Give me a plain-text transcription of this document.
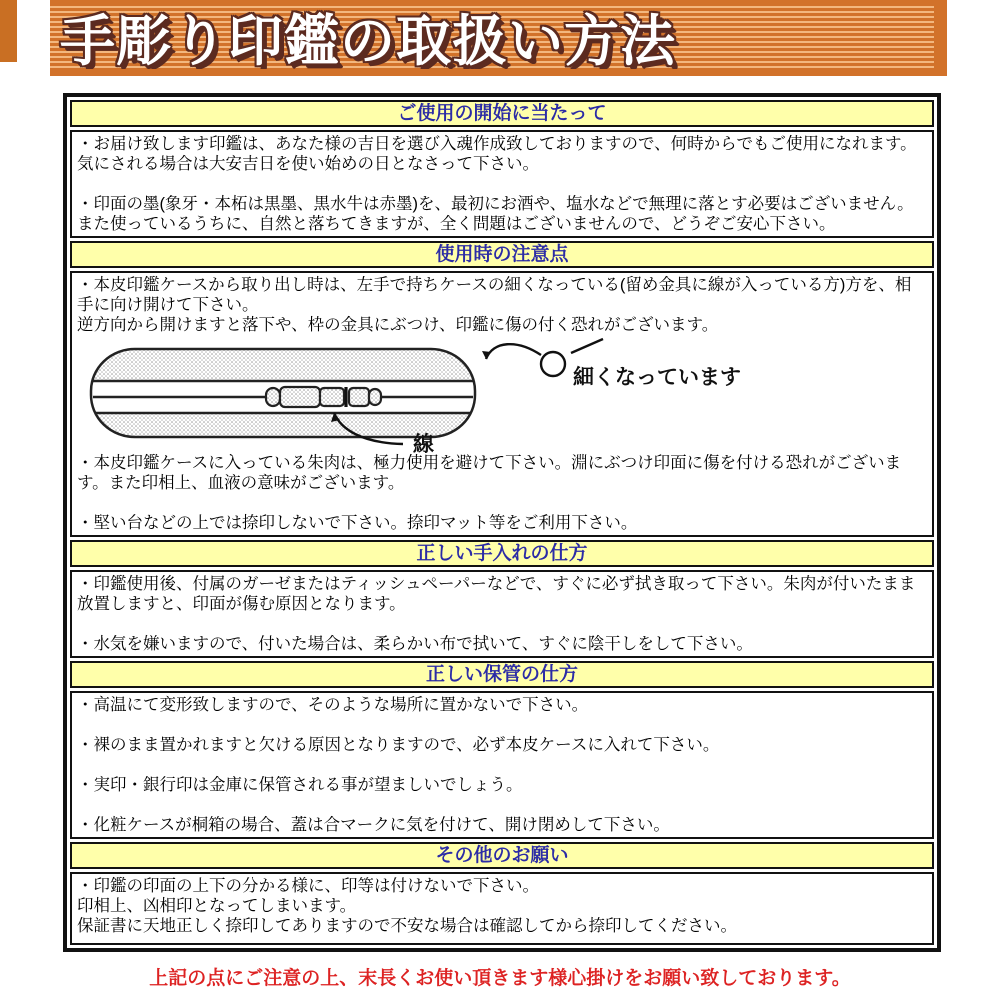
手彫り印鑑の取扱い方法
ご使用の開始に当たって

・お届け致します印鑑は、あなた様の吉日を選び入魂作成致しておりますので、何時からでもご使用になれます。気にされる場合は大安吉日を使い始めの日となさって下さい。

・印面の墨(象牙・本柘は黒墨、黒水牛は赤墨)を、最初にお酒や、塩水などで無理に落とす必要はございません。また使っているうちに、自然と落ちてきますが、全く問題はございませんので、どうぞご安心下さい。

使用時の注意点

・本皮印鑑ケースから取り出し時は、左手で持ちケースの細くなっている(留め金具に線が入っている方)方を、相手に向け開けて下さい。

逆方向から開けますと落下や、枠の金具にぶつけ、印鑑に傷の付く恐れがございます。

細くなっています
線

・本皮印鑑ケースに入っている朱肉は、極力使用を避けて下さい。淵にぶつけ印面に傷を付ける恐れがございます。また印相上、血液の意味がございます。

・堅い台などの上では捺印しないで下さい。捺印マット等をご利用下さい。

正しい手入れの仕方

・印鑑使用後、付属のガーゼまたはティッシュペーパーなどで、すぐに必ず拭き取って下さい。朱肉が付いたまま放置しますと、印面が傷む原因となります。

・水気を嫌いますので、付いた場合は、柔らかい布で拭いて、すぐに陰干しをして下さい。

正しい保管の仕方

・高温にて変形致しますので、そのような場所に置かないで下さい。

・裸のまま置かれますと欠ける原因となりますので、必ず本皮ケースに入れて下さい。

・実印・銀行印は金庫に保管される事が望ましいでしょう。

・化粧ケースが桐箱の場合、蓋は合マークに気を付けて、開け閉めして下さい。

その他のお願い

・印鑑の印面の上下の分かる様に、印等は付けないで下さい。

印相上、凶相印となってしまいます。

保証書に天地正しく捺印してありますので不安な場合は確認してから捺印してください。

上記の点にご注意の上、末長くお使い頂きます様心掛けをお願い致しております。
